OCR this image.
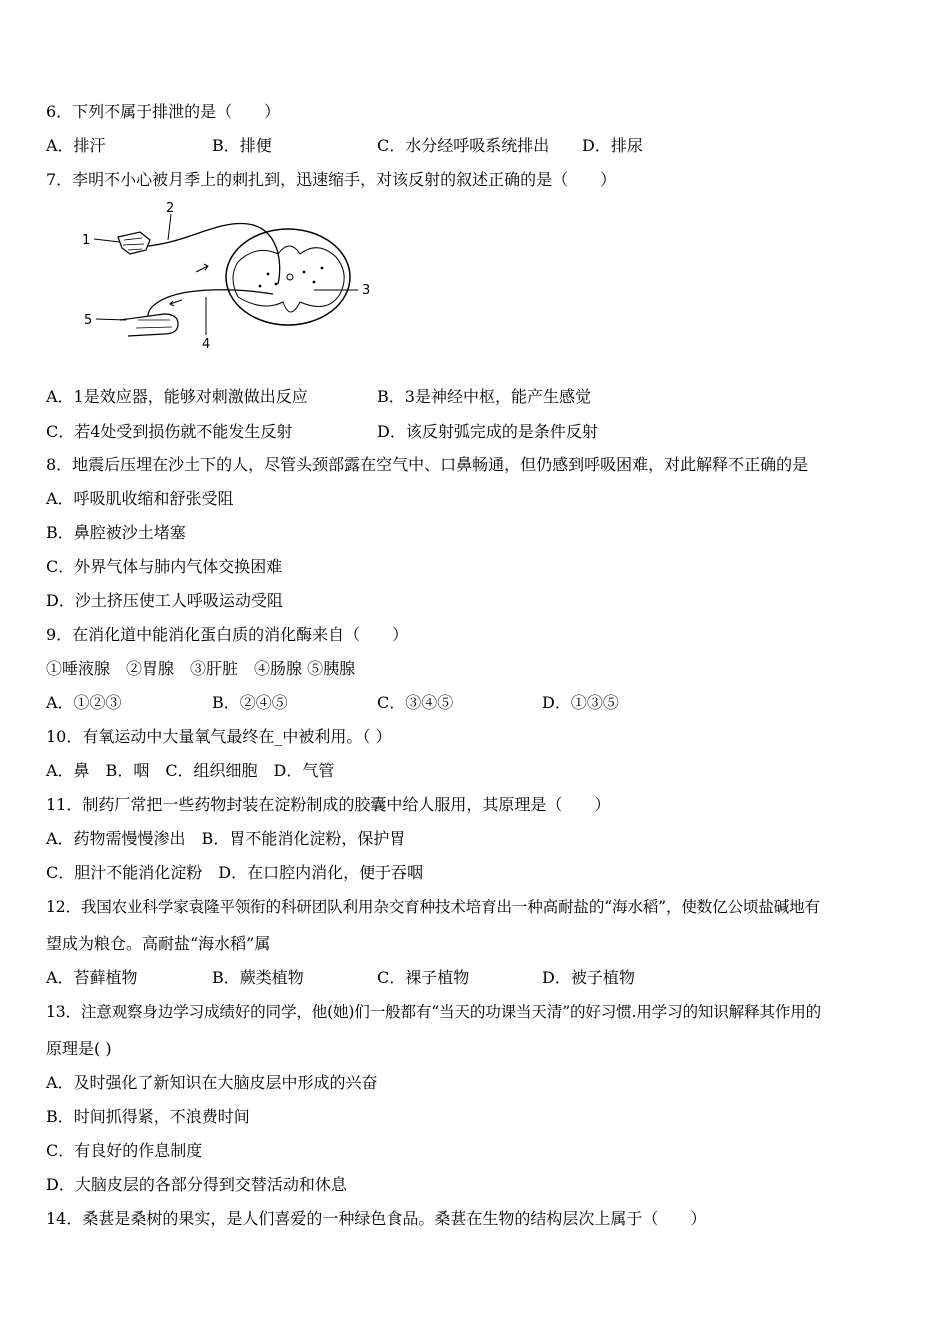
6．下列不属于排泄的是（　　）
A．排汗	B．排便	C．水分经呼吸系统排出 D．排尿
7．李明不小心被月季上的刺扎到，迅速缩手，对该反射的叙述正确的是（　　）
1
2
3
4
5
A．1是效应器，能够对刺激做出反应	B．3是神经中枢，能产生感觉
C．若4处受到损伤就不能发生反射	D．该反射弧完成的是条件反射
8．地震后压埋在沙土下的人，尽管头颈部露在空气中、口鼻畅通，但仍感到呼吸困难，对此解释不正确的是
A．呼吸肌收缩和舒张受阻
B．鼻腔被沙土堵塞
C．外界气体与肺内气体交换困难
D．沙土挤压使工人呼吸运动受阻
9．在消化道中能消化蛋白质的消化酶来自（　　）
①唾液腺　②胃腺　③肝脏　④肠腺 ⑤胰腺
A．①②③	B．②④⑤	C．③④⑤	D．①③⑤
10．有氧运动中大量氧气最终在_中被利用。（ ）
A．鼻　B．咽　C．组织细胞　D．气管
11．制药厂常把一些药物封装在淀粉制成的胶囊中给人服用，其原理是（　　）
A．药物需慢慢渗出　B．胃不能消化淀粉，保护胃
C．胆汁不能消化淀粉　D．在口腔内消化，便于吞咽
12．我国农业科学家袁隆平领衔的科研团队利用杂交育种技术培育出一种高耐盐的“海水稻”，使数亿公顷盐碱地有
望成为粮仓。高耐盐“海水稻”属
A．苔藓植物	B．蕨类植物	C．裸子植物	D．被子植物
13．注意观察身边学习成绩好的同学，他(她)们一般都有“当天的功课当天清”的好习惯.用学习的知识解释其作用的
原理是( )
A．及时强化了新知识在大脑皮层中形成的兴奋
B．时间抓得紧，不浪费时间
C．有良好的作息制度
D．大脑皮层的各部分得到交替活动和休息
14．桑葚是桑树的果实，是人们喜爱的一种绿色食品。桑葚在生物的结构层次上属于（　　）
